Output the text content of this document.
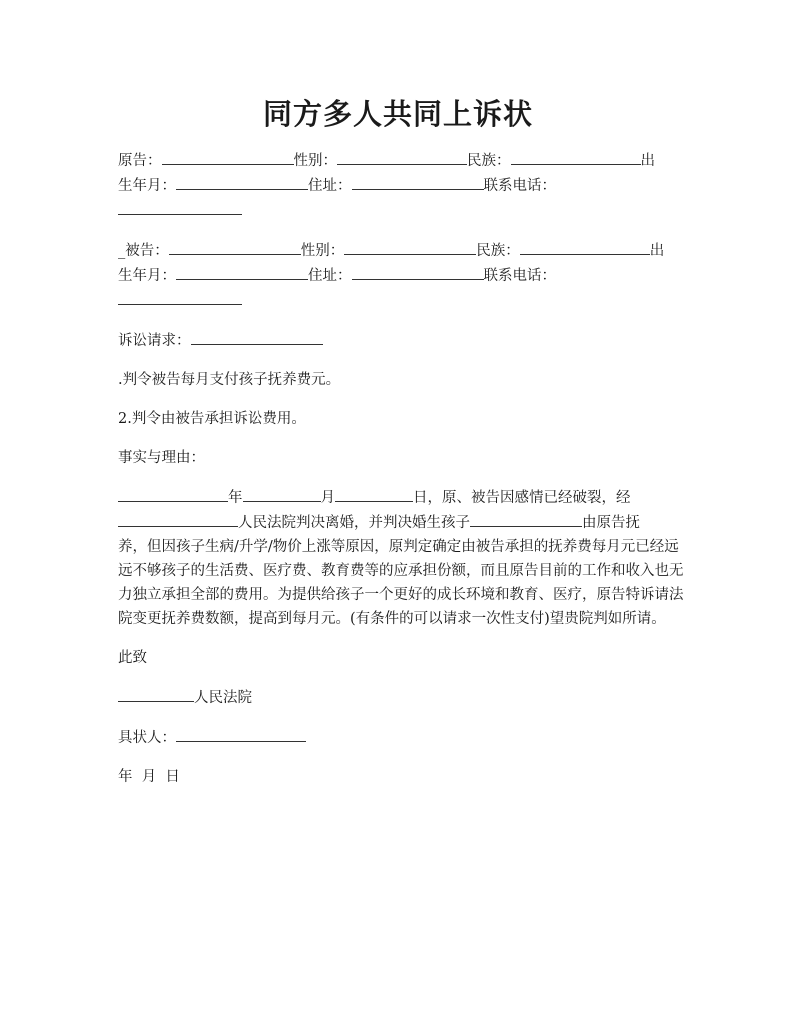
同方多人共同上诉状

原告：	性别：	民族：	出
生年月：	住址：	联系电话：

_被告：	性别：	民族：	出
生年月：	住址：	联系电话：

诉讼请求：

.判令被告每月支付孩子抚养费元。

2.判令由被告承担诉讼费用。

事实与理由：

年	月	日，原、被告因感情已经破裂，经
人民法院判决离婚，并判决婚生孩子	由原告抚
养，但因孩子生病/升学/物价上涨等原因，原判定确定由被告承担的抚养费每月元已经远远不够孩子的生活费、医疗费、教育费等的应承担份额，而且原告目前的工作和收入也无力独立承担全部的费用。为提供给孩子一个更好的成长环境和教育、医疗，原告特诉请法院变更抚养费数额，提高到每月元。(有条件的可以请求一次性支付)望贵院判如所请。

此致

人民法院

具状人：

年  月  日
